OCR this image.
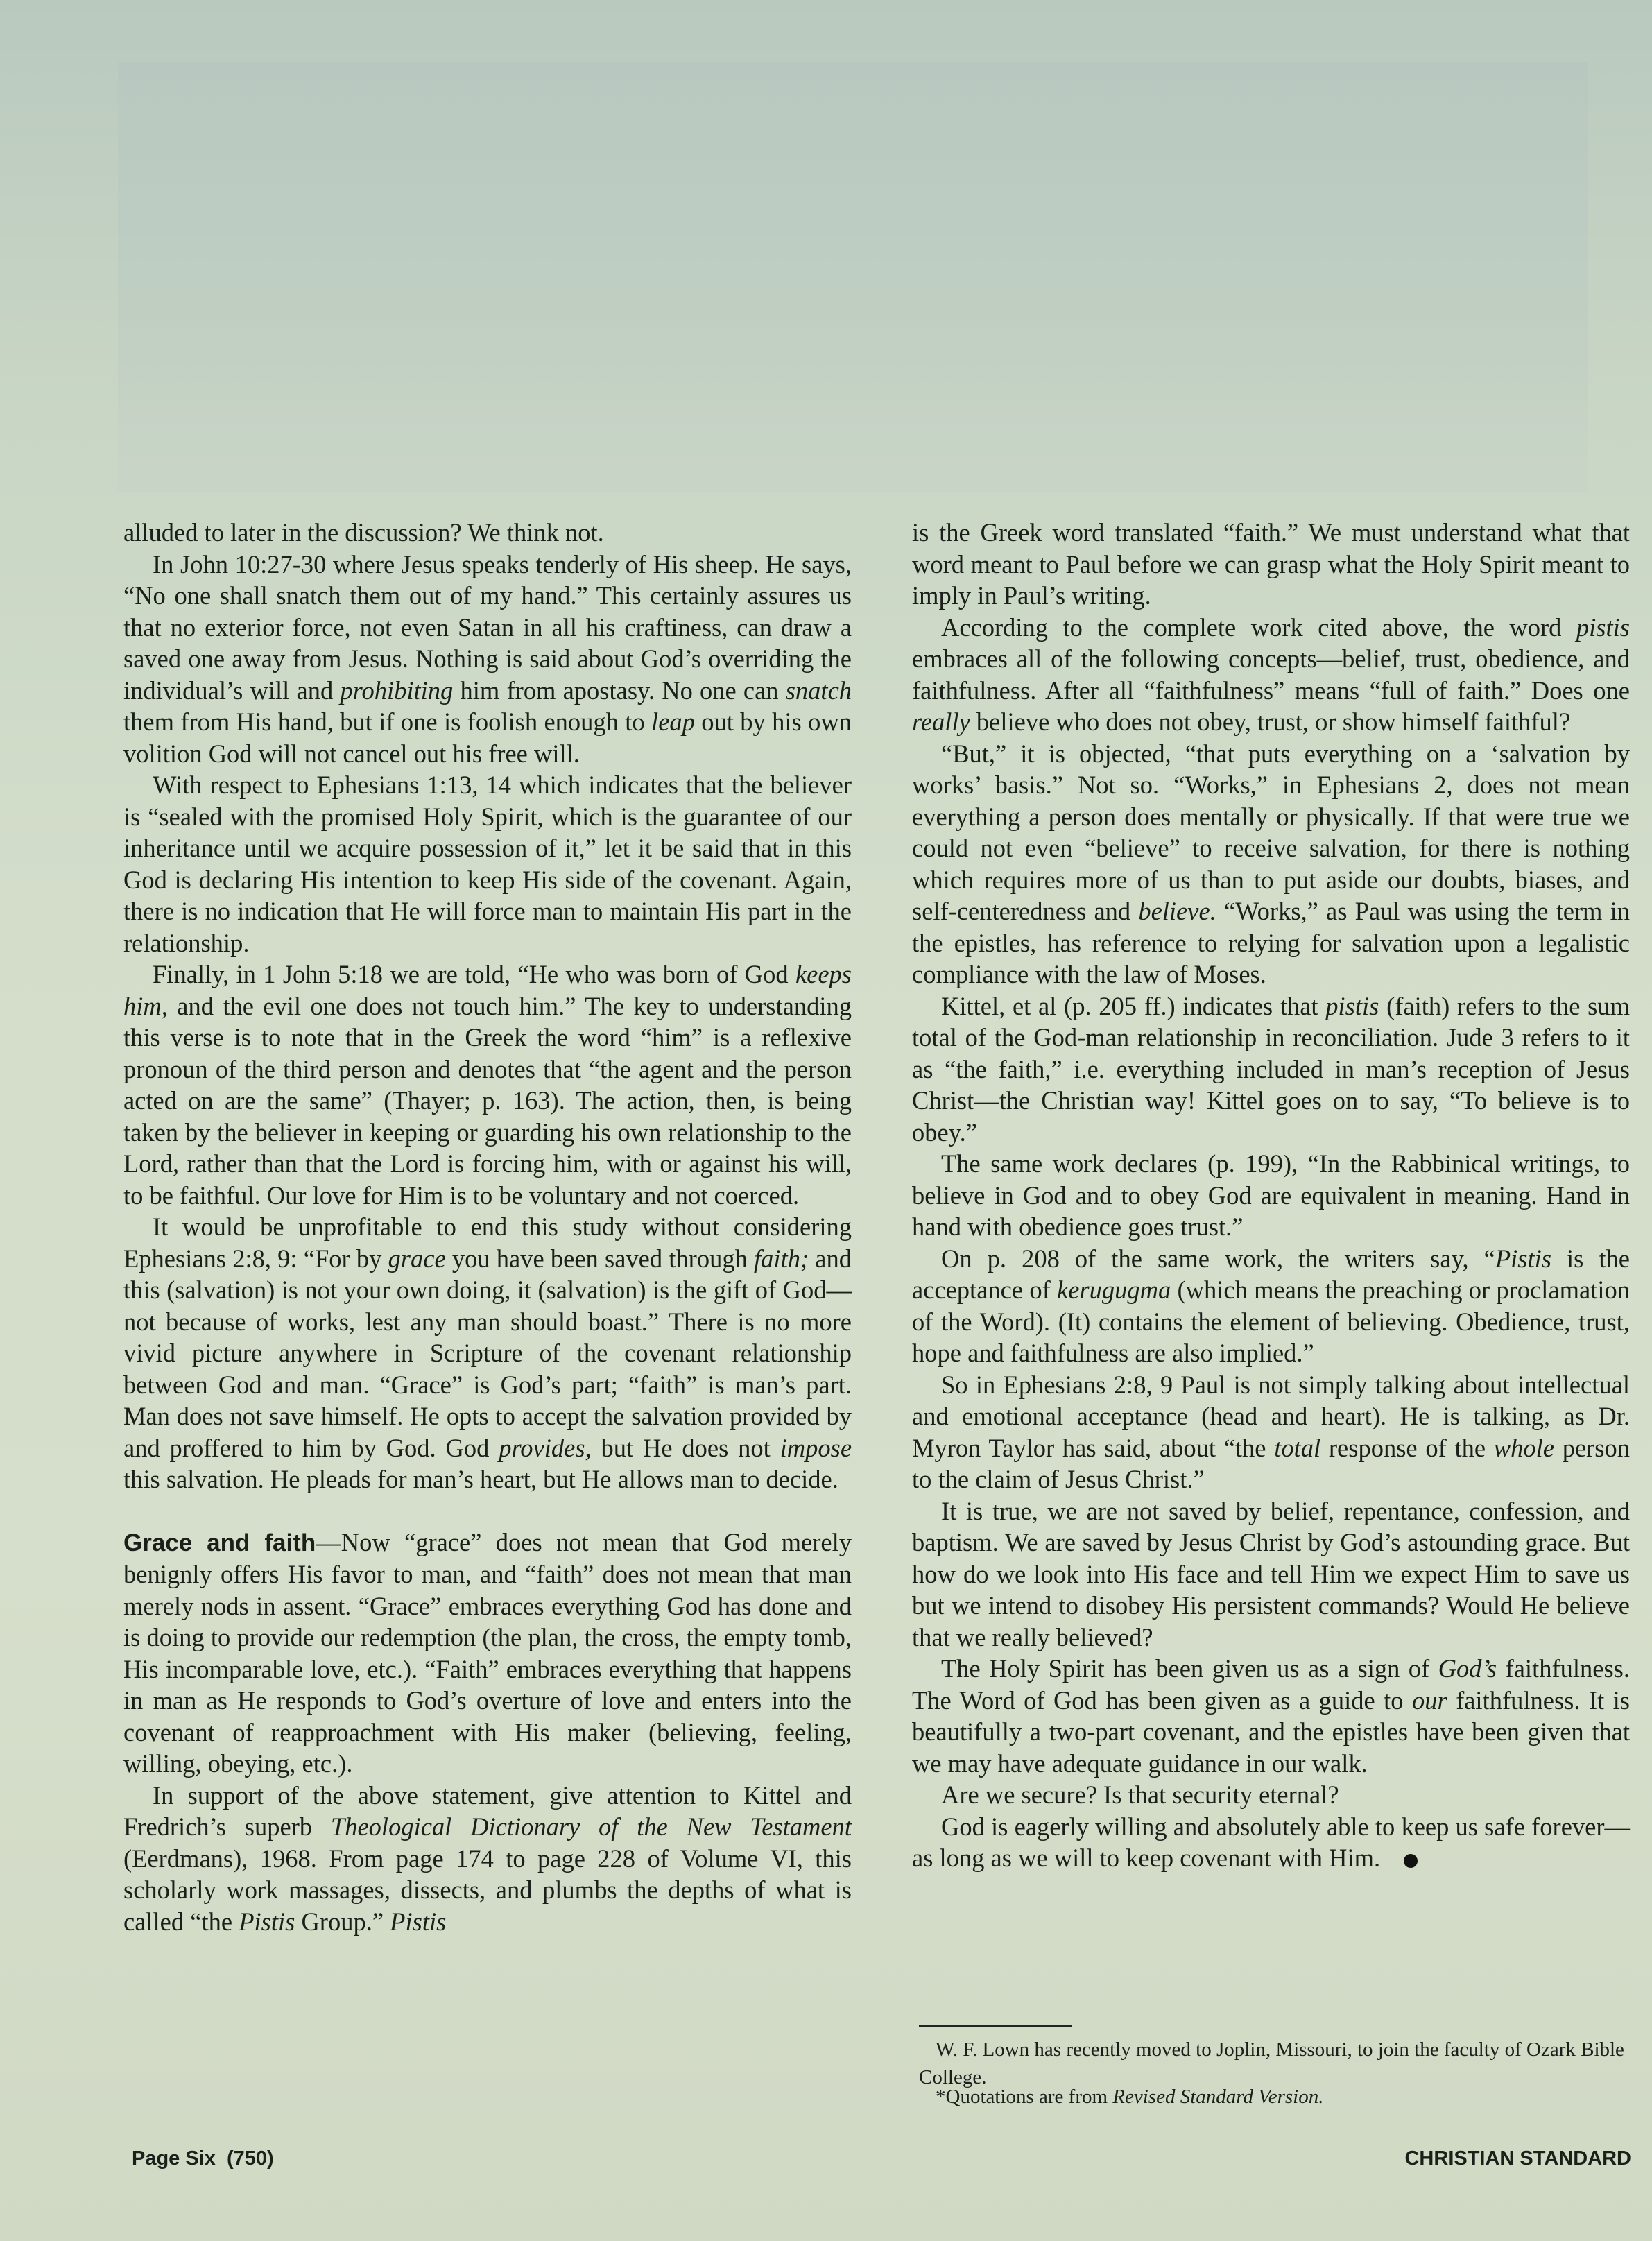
alluded to later in the discussion? We think not.

In John 10:27-30 where Jesus speaks tenderly of His sheep. He says, “No one shall snatch them out of my hand.” This certainly assures us that no exterior force, not even Satan in all his craftiness, can draw a saved one away from Jesus. Nothing is said about God’s overriding the individual’s will and prohibiting him from apostasy. No one can snatch them from His hand, but if one is foolish enough to leap out by his own volition God will not cancel out his free will.

With respect to Ephesians 1:13, 14 which indicates that the believer is “sealed with the promised Holy Spirit, which is the guarantee of our inheritance until we acquire possession of it,” let it be said that in this God is declaring His intention to keep His side of the covenant. Again, there is no indication that He will force man to maintain His part in the relationship.

Finally, in 1 John 5:18 we are told, “He who was born of God keeps him, and the evil one does not touch him.” The key to understanding this verse is to note that in the Greek the word “him” is a reflexive pronoun of the third person and denotes that “the agent and the person acted on are the same” (Thayer; p. 163). The action, then, is being taken by the believer in keeping or guarding his own relationship to the Lord, rather than that the Lord is forcing him, with or against his will, to be faithful. Our love for Him is to be voluntary and not coerced.

It would be unprofitable to end this study without considering Ephesians 2:8, 9: “For by grace you have been saved through faith; and this (salvation) is not your own doing, it (salvation) is the gift of God—not because of works, lest any man should boast.” There is no more vivid picture anywhere in Scripture of the covenant relationship between God and man. “Grace” is God’s part; “faith” is man’s part. Man does not save himself. He opts to accept the salvation provided by and proffered to him by God. God provides, but He does not impose this salvation. He pleads for man’s heart, but He allows man to decide.

Grace and faith—Now “grace” does not mean that God merely benignly offers His favor to man, and “faith” does not mean that man merely nods in assent. “Grace” embraces everything God has done and is doing to provide our redemption (the plan, the cross, the empty tomb, His incomparable love, etc.). “Faith” embraces everything that happens in man as He responds to God’s overture of love and enters into the covenant of reapproachment with His maker (believing, feeling, willing, obeying, etc.).

In support of the above statement, give attention to Kittel and Fredrich’s superb Theological Dictionary of the New Testament (Eerdmans), 1968. From page 174 to page 228 of Volume VI, this scholarly work massages, dissects, and plumbs the depths of what is called “the Pistis Group.” Pistis

is the Greek word translated “faith.” We must understand what that word meant to Paul before we can grasp what the Holy Spirit meant to imply in Paul’s writing.

According to the complete work cited above, the word pistis embraces all of the following concepts—belief, trust, obedience, and faithfulness. After all “faithfulness” means “full of faith.” Does one really believe who does not obey, trust, or show himself faithful?

“But,” it is objected, “that puts everything on a ‘salvation by works’ basis.” Not so. “Works,” in Ephesians 2, does not mean everything a person does mentally or physically. If that were true we could not even “believe” to receive salvation, for there is nothing which requires more of us than to put aside our doubts, biases, and self-centeredness and believe. “Works,” as Paul was using the term in the epistles, has reference to relying for salvation upon a legalistic compliance with the law of Moses.

Kittel, et al (p. 205 ff.) indicates that pistis (faith) refers to the sum total of the God-man relationship in reconciliation. Jude 3 refers to it as “the faith,” i.e. everything included in man’s reception of Jesus Christ—the Christian way! Kittel goes on to say, “To believe is to obey.”

The same work declares (p. 199), “In the Rabbinical writings, to believe in God and to obey God are equivalent in meaning. Hand in hand with obedience goes trust.”

On p. 208 of the same work, the writers say, “Pistis is the acceptance of kerugugma (which means the preaching or proclamation of the Word). (It) contains the element of believing. Obedience, trust, hope and faithfulness are also implied.”

So in Ephesians 2:8, 9 Paul is not simply talking about intellectual and emotional acceptance (head and heart). He is talking, as Dr. Myron Taylor has said, about “the total response of the whole person to the claim of Jesus Christ.”

It is true, we are not saved by belief, repentance, confession, and baptism. We are saved by Jesus Christ by God’s astounding grace. But how do we look into His face and tell Him we expect Him to save us but we intend to disobey His persistent commands? Would He believe that we really believed?

The Holy Spirit has been given us as a sign of God’s faithfulness. The Word of God has been given as a guide to our faithfulness. It is beautifully a two-part covenant, and the epistles have been given that we may have adequate guidance in our walk.

Are we secure? Is that security eternal?

God is eagerly willing and absolutely able to keep us safe forever—as long as we will to keep covenant with Him.

W. F. Lown has recently moved to Joplin, Missouri, to join the faculty of Ozark Bible College.
*Quotations are from Revised Standard Version.
Page Six  (750)	CHRISTIAN STANDARD
